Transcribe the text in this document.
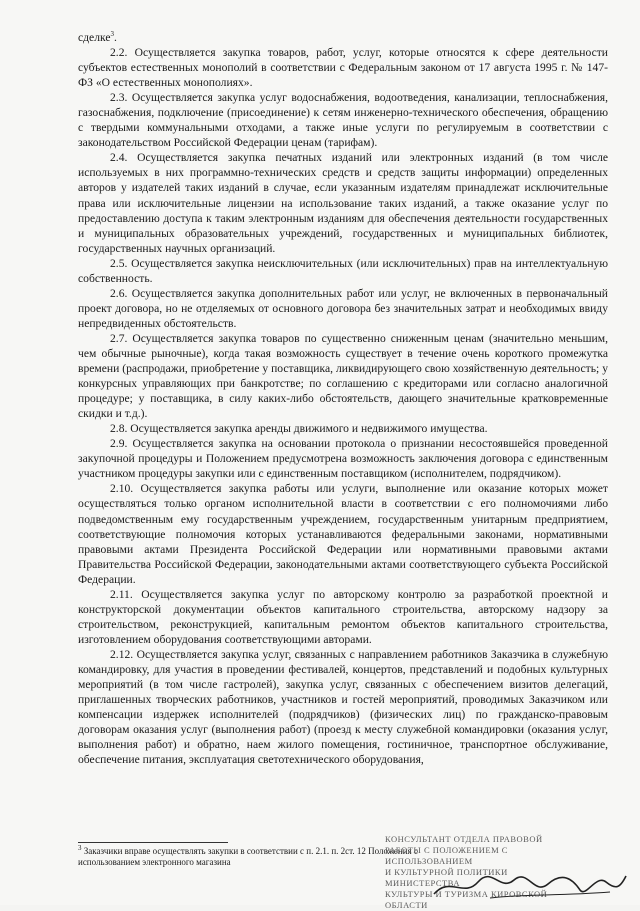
сделке$^3$.

2.2. Осуществляется закупка товаров, работ, услуг, которые относятся к сфере деятельности субъектов естественных монополий в соответствии с Федеральным законом от 17 августа 1995 г. № 147-ФЗ «О естественных монополиях».

2.3. Осуществляется закупка услуг водоснабжения, водоотведения, канализации, теплоснабжения, газоснабжения, подключение (присоединение) к сетям инженерно-технического обеспечения, обращению с твердыми коммунальными отходами, а также иные услуги по регулируемым в соответствии с законодательством Российской Федерации ценам (тарифам).

2.4. Осуществляется закупка печатных изданий или электронных изданий (в том числе используемых в них программно-технических средств и средств защиты информации) определенных авторов у издателей таких изданий в случае, если указанным издателям принадлежат исключительные права или исключительные лицензии на использование таких изданий, а также оказание услуг по предоставлению доступа к таким электронным изданиям для обеспечения деятельности государственных и муниципальных образовательных учреждений, государственных и муниципальных библиотек, государственных научных организаций.

2.5. Осуществляется закупка неисключительных (или исключительных) прав на интеллектуальную собственность.

2.6. Осуществляется закупка дополнительных работ или услуг, не включенных в первоначальный проект договора, но не отделяемых от основного договора без значительных затрат и необходимых ввиду непредвиденных обстоятельств.

2.7. Осуществляется закупка товаров по существенно сниженным ценам (значительно меньшим, чем обычные рыночные), когда такая возможность существует в течение очень короткого промежутка времени (распродажи, приобретение у поставщика, ликвидирующего свою хозяйственную деятельность; у конкурсных управляющих при банкротстве; по соглашению с кредиторами или согласно аналогичной процедуре; у поставщика, в силу каких-либо обстоятельств, дающего значительные кратковременные скидки и т.д.).

2.8. Осуществляется закупка аренды движимого и недвижимого имущества.

2.9. Осуществляется закупка на основании протокола о признании несостоявшейся проведенной закупочной процедуры и Положением предусмотрена возможность заключения договора с единственным участником процедуры закупки или с единственным поставщиком (исполнителем, подрядчиком).

2.10. Осуществляется закупка работы или услуги, выполнение или оказание которых может осуществляться только органом исполнительной власти в соответствии с его полномочиями либо подведомственным ему государственным учреждением, государственным унитарным предприятием, соответствующие полномочия которых устанавливаются федеральными законами, нормативными правовыми актами Президента Российской Федерации или нормативными правовыми актами Правительства Российской Федерации, законодательными актами соответствующего субъекта Российской Федерации.

2.11. Осуществляется закупка услуг по авторскому контролю за разработкой проектной и конструкторской документации объектов капитального строительства, авторскому надзору за строительством, реконструкцией, капитальным ремонтом объектов капитального строительства, изготовлением оборудования соответствующими авторами.

2.12. Осуществляется закупка услуг, связанных с направлением работников Заказчика в служебную командировку, для участия в проведении фестивалей, концертов, представлений и подобных культурных мероприятий (в том числе гастролей), закупка услуг, связанных с обеспечением визитов делегаций, приглашенных творческих работников, участников и гостей мероприятий, проводимых Заказчиком или компенсации издержек исполнителей (подрядчиков) (физических лиц) по гражданско-правовым договорам оказания услуг (выполнения работ) (проезд к месту служебной командировки (оказания услуг, выполнения работ) и обратно, наем жилого помещения, гостиничное, транспортное обслуживание, обеспечение питания, эксплуатация светотехнического оборудования,

$^3$ Заказчики вправе осуществлять закупки в соответствии с п. 2.1. п. 2ст. 12 Положения с использованием электронного магазина
КОНСУЛЬТАНТ ОТДЕЛА ПРАВОВОЙ
РАБОТЫ С ПОЛОЖЕНИЕМ С ИСПОЛЬЗОВАНИЕМ
И КУЛЬТУРНОЙ ПОЛИТИКИ МИНИСТЕРСТВА
КУЛЬТУРЫ И ТУРИЗМА КИРОВСКОЙ ОБЛАСТИ
